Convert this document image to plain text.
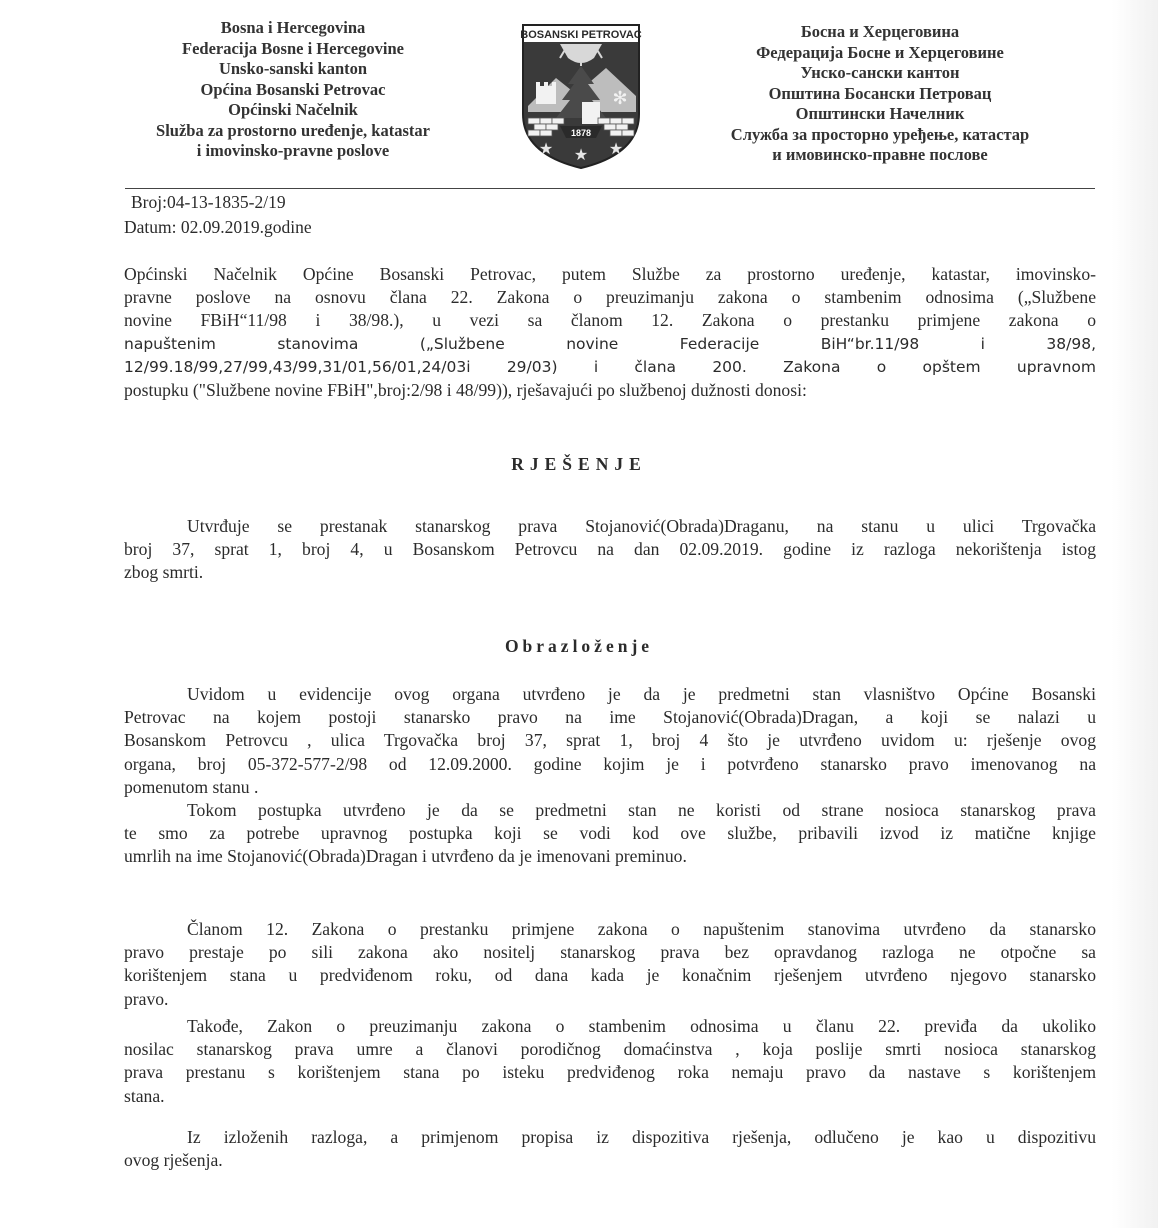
Bosna i Hercegovina
Federacija Bosne i Hercegovine
Unsko-sanski kanton
Općina Bosanski Petrovac
Općinski Načelnik
Služba za prostorno uređenje, katastar
i imovinsko-pravne poslove
BOSANSKI PETROVAC
✻
1878
★ ★ ★
Босна и Херцеговина
Федерација Босне и Херцеговине
Унско-сански кантон
Општина Босански Петровац
Општински Начелник
Служба за просторно уређење, катастар
и имовинско-правне послове
Broj:04-13-1835-2/19
Datum: 02.09.2019.godine
Općinski Načelnik Općine Bosanski Petrovac, putem Službe za prostorno uređenje, katastar, imovinsko-
pravne poslove na osnovu člana 22. Zakona o preuzimanju zakona o stambenim odnosima („Službene
novine FBiH“11/98 i 38/98.), u vezi sa članom 12. Zakona o prestanku primjene zakona o
napuštenim stanovima („Službene novine Federacije BiH“br.11/98 i 38/98,
12/99.18/99,27/99,43/99,31/01,56/01,24/03i 29/03) i člana 200. Zakona o opštem upravnom
postupku ("Službene novine FBiH",broj:2/98 i 48/99)), rješavajući po službenoj dužnosti donosi:
RJEŠENJE
Utvrđuje se prestanak stanarskog prava Stojanović(Obrada)Draganu, na stanu u ulici Trgovačka
broj 37, sprat 1, broj 4, u Bosanskom Petrovcu na dan 02.09.2019. godine iz razloga nekorištenja istog
zbog smrti.
Obrazloženje
Uvidom u evidencije ovog organa utvrđeno je da je predmetni stan vlasništvo Općine Bosanski
Petrovac na kojem postoji stanarsko pravo na ime Stojanović(Obrada)Dragan, a koji se nalazi u
Bosanskom Petrovcu , ulica Trgovačka broj 37, sprat 1, broj 4 što je utvrđeno uvidom u: rješenje ovog
organa, broj 05-372-577-2/98 od 12.09.2000. godine kojim je i potvrđeno stanarsko pravo imenovanog na
pomenutom stanu .
Tokom postupka utvrđeno je da se predmetni stan ne koristi od strane nosioca stanarskog prava
te smo za potrebe upravnog postupka koji se vodi kod ove službe, pribavili izvod iz matične knjige
umrlih na ime Stojanović(Obrada)Dragan i utvrđeno da je imenovani preminuo.
Članom 12. Zakona o prestanku primjene zakona o napuštenim stanovima utvrđeno da stanarsko
pravo prestaje po sili zakona ako nositelj stanarskog prava bez opravdanog razloga ne otpočne sa
korištenjem stana u predviđenom roku, od dana kada je konačnim rješenjem utvrđeno njegovo stanarsko
pravo.
Takođe, Zakon o preuzimanju zakona o stambenim odnosima u članu 22. previđa da ukoliko
nosilac stanarskog prava umre a članovi porodičnog domaćinstva , koja poslije smrti nosioca stanarskog
prava prestanu s korištenjem stana po isteku predviđenog roka nemaju pravo da nastave s korištenjem
stana.
Iz izloženih razloga, a primjenom propisa iz dispozitiva rješenja, odlučeno je kao u dispozitivu
ovog rješenja.
